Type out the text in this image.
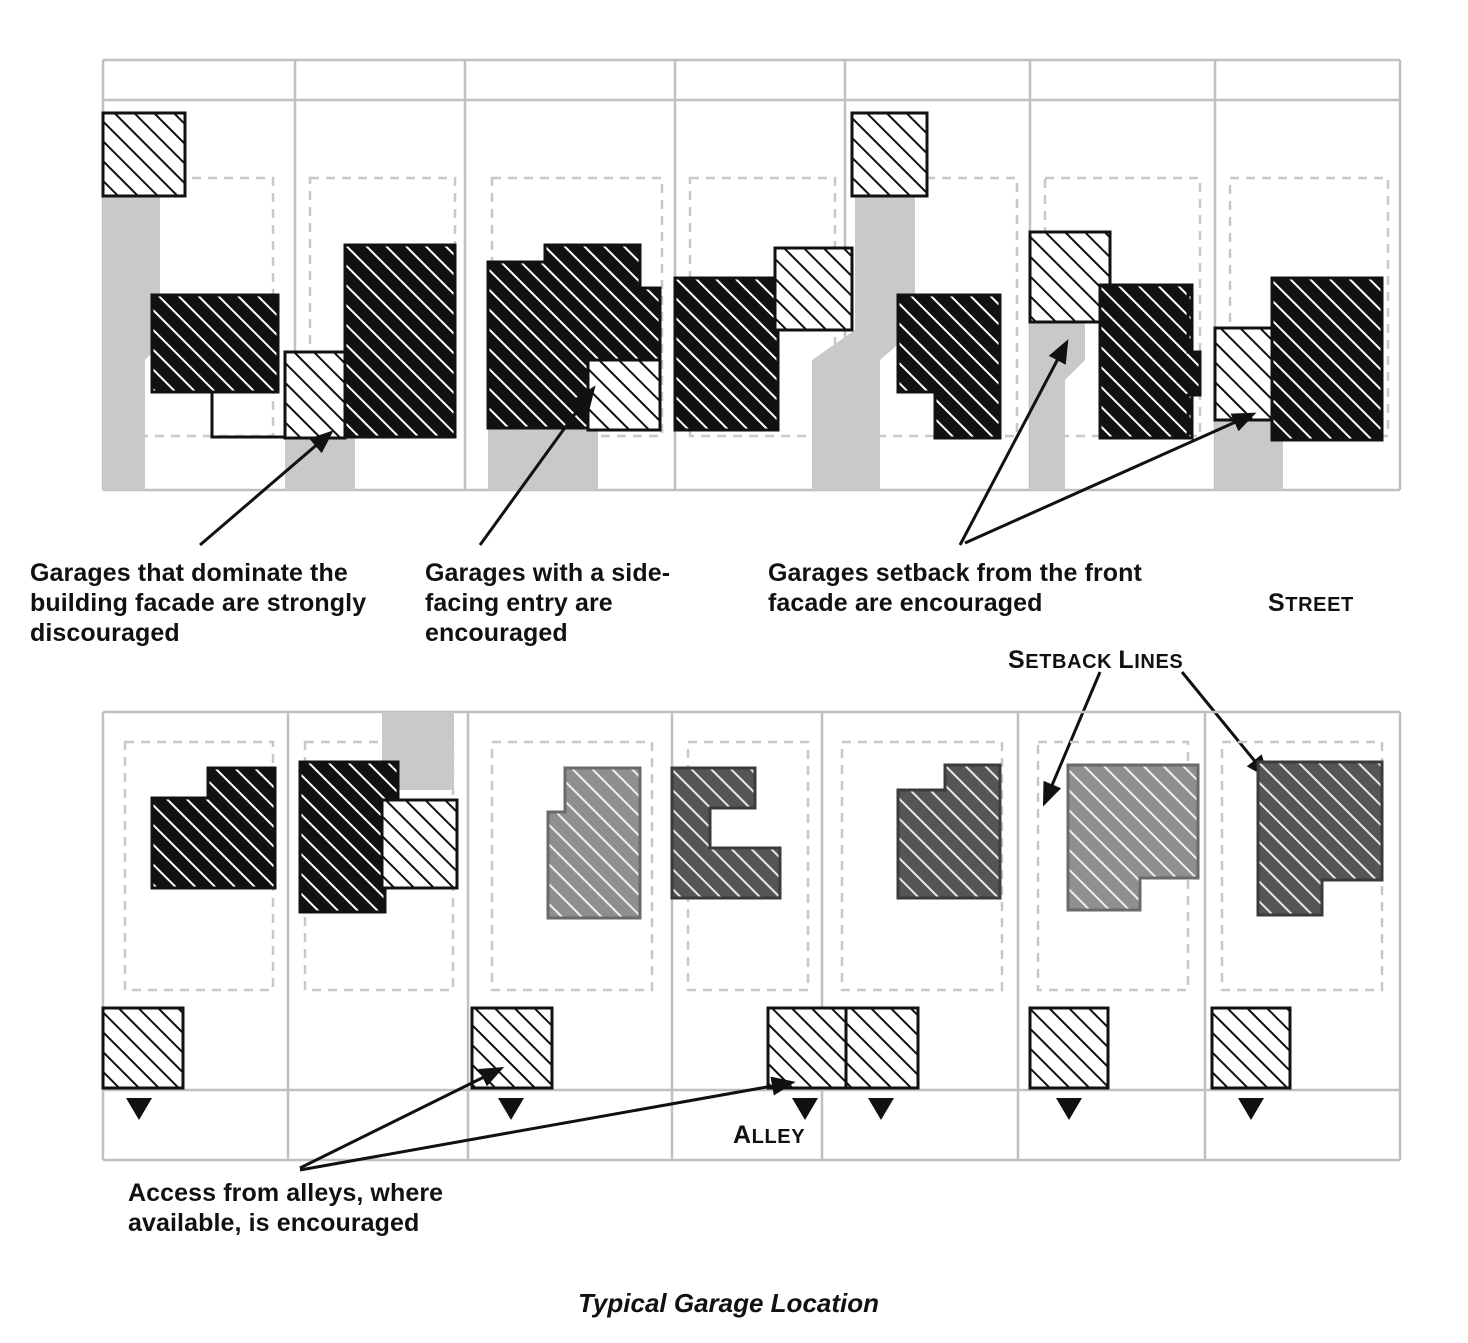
Garages that dominate the building facade are strongly discouraged
Garages with a side-facing entry are encouraged
Garages setback from the front facade are encouraged	STREET
SETBACK LINES
ALLEY
Access from alleys, where available, is encouraged
Typical Garage Location
